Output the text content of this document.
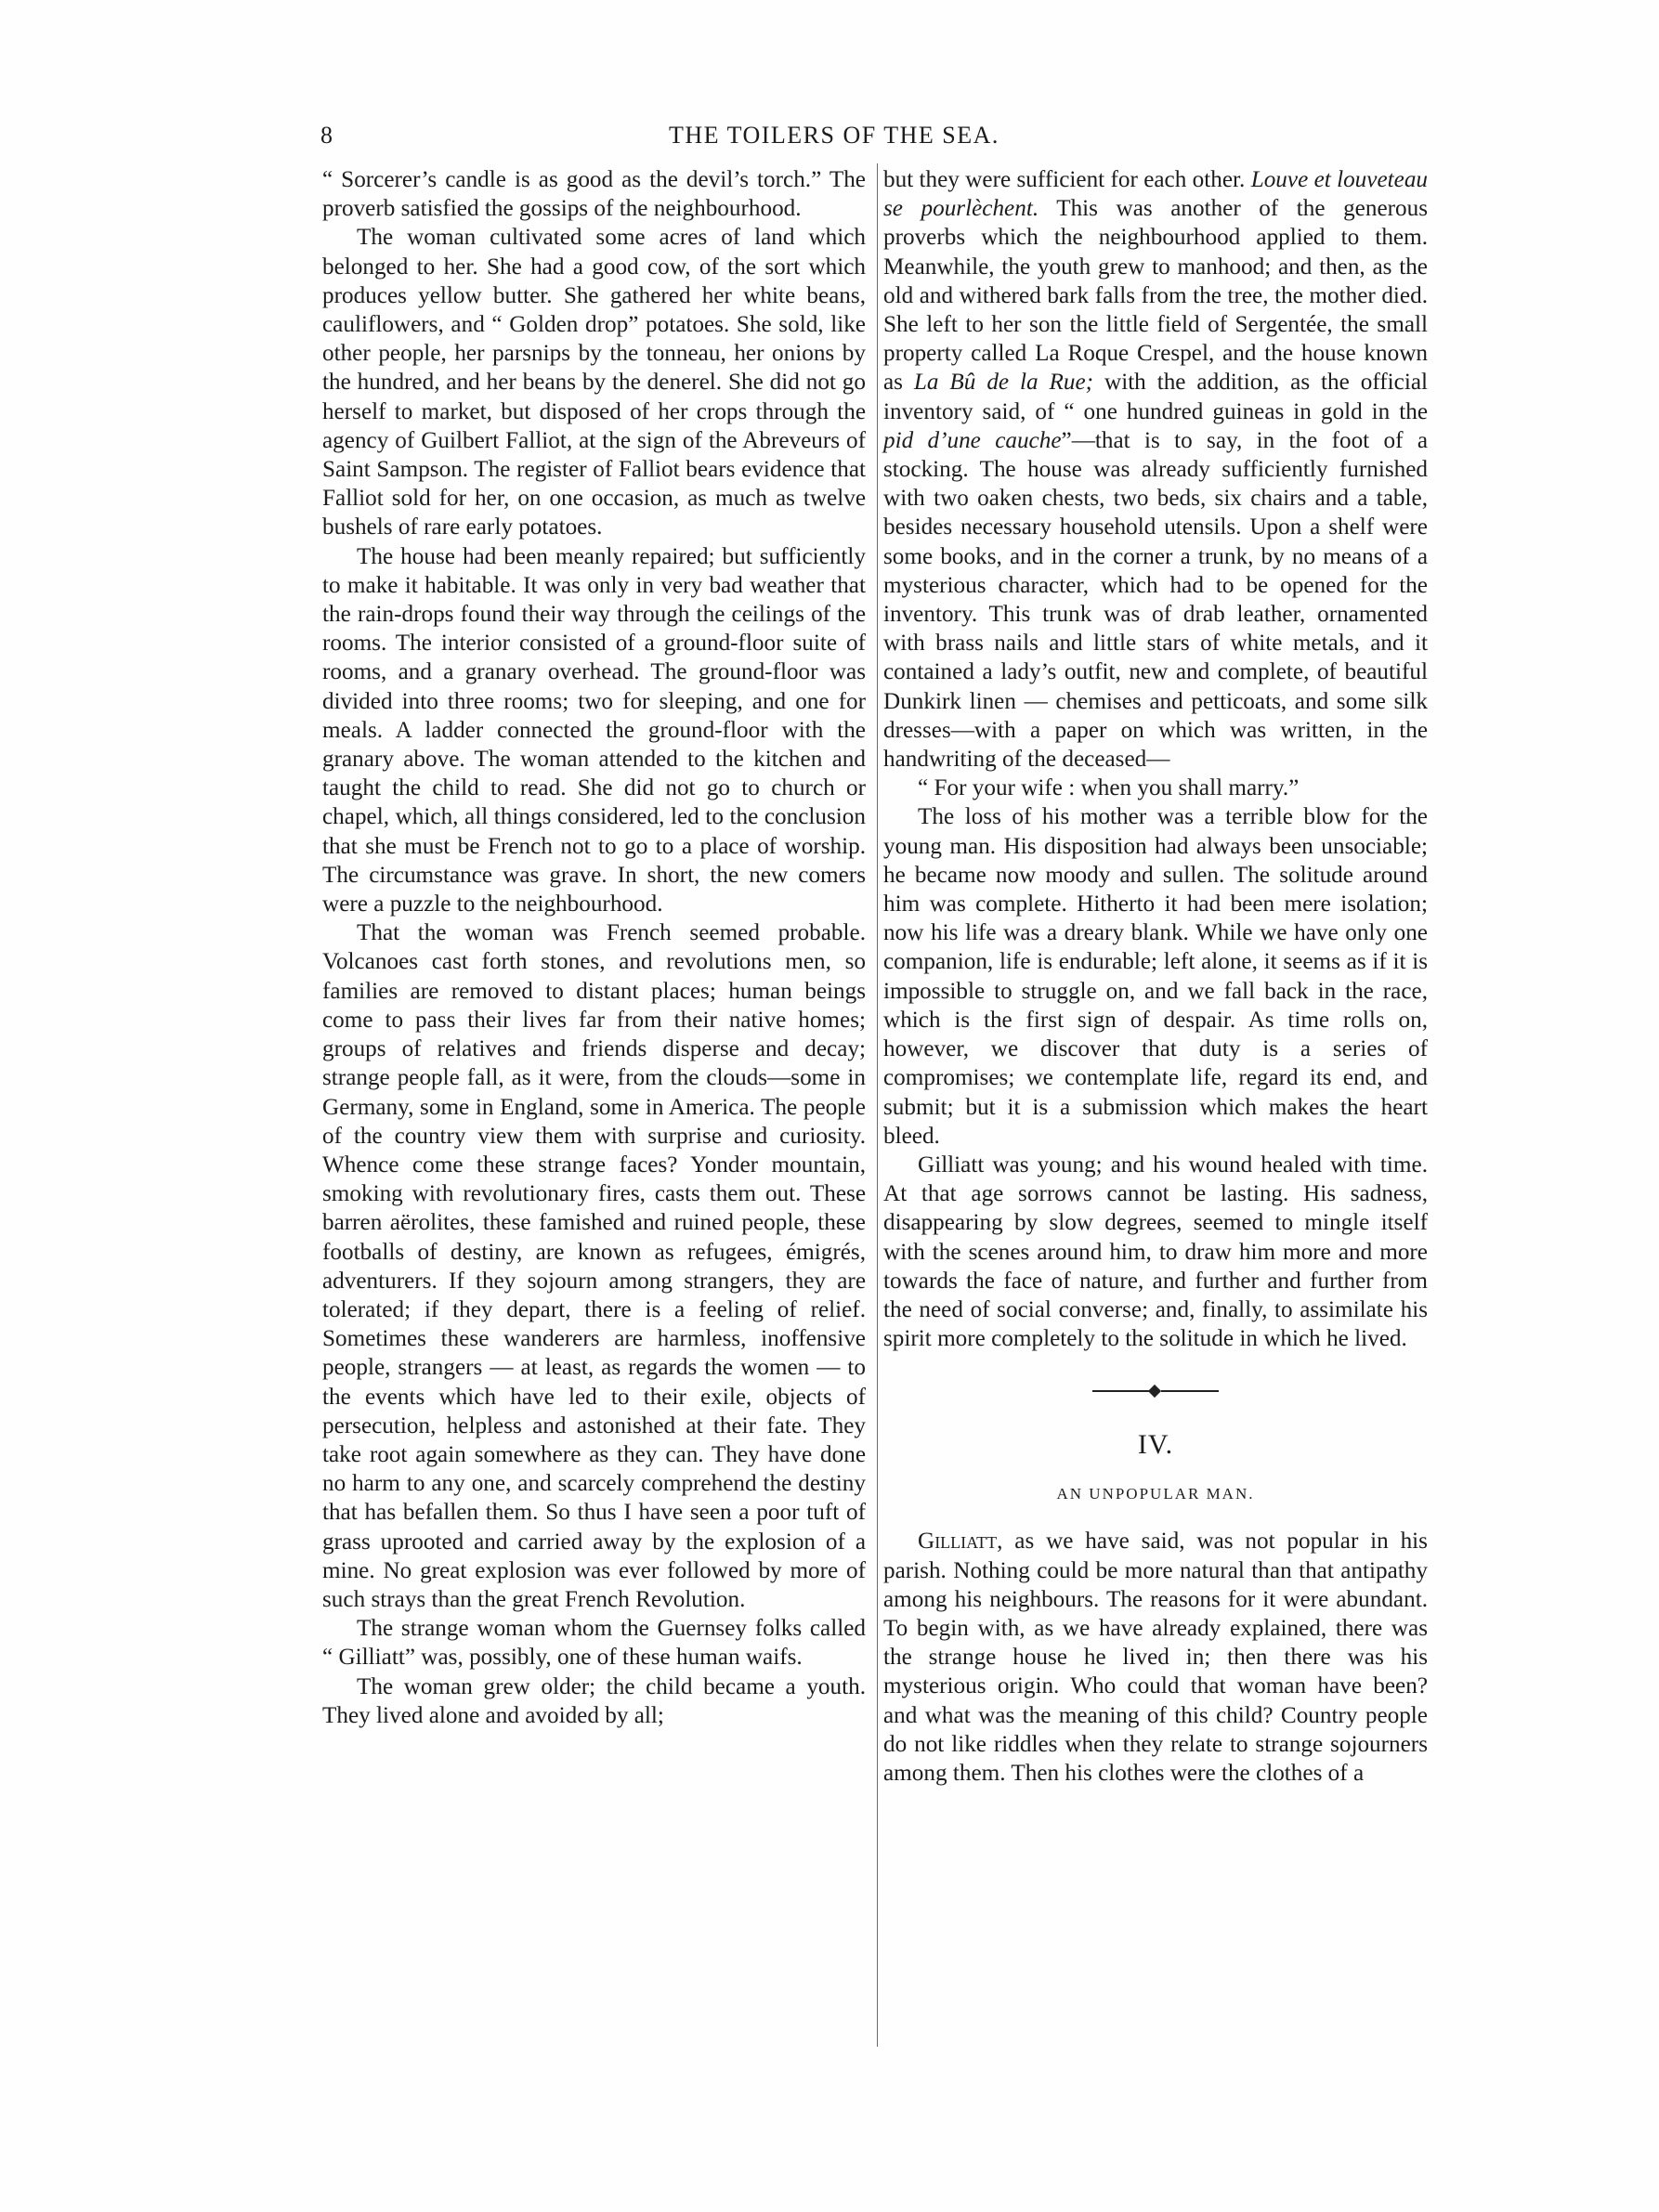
8	THE TOILERS OF THE SEA.

“ Sorcerer’s candle is as good as the devil’s torch.” The proverb satisfied the gossips of the neighbourhood.

The woman cultivated some acres of land which belonged to her. She had a good cow, of the sort which produces yellow butter. She gathered her white beans, cauliflowers, and “ Golden drop” potatoes. She sold, like other people, her parsnips by the tonneau, her onions by the hundred, and her beans by the denerel. She did not go herself to market, but disposed of her crops through the agency of Guilbert Falliot, at the sign of the Abreveurs of Saint Sampson. The register of Falliot bears evidence that Falliot sold for her, on one occasion, as much as twelve bushels of rare early potatoes.

The house had been meanly repaired; but sufficiently to make it habitable. It was only in very bad weather that the rain-drops found their way through the ceilings of the rooms. The interior consisted of a ground-floor suite of rooms, and a granary overhead. The ground-floor was divided into three rooms; two for sleeping, and one for meals. A ladder connected the ground-floor with the granary above. The woman attended to the kitchen and taught the child to read. She did not go to church or chapel, which, all things considered, led to the conclusion that she must be French not to go to a place of worship. The circumstance was grave. In short, the new comers were a puzzle to the neighbourhood.

That the woman was French seemed probable. Volcanoes cast forth stones, and revolutions men, so families are removed to distant places; human beings come to pass their lives far from their native homes; groups of relatives and friends disperse and decay; strange people fall, as it were, from the clouds—some in Germany, some in England, some in America. The people of the country view them with surprise and curiosity. Whence come these strange faces? Yonder mountain, smoking with revolutionary fires, casts them out. These barren aërolites, these famished and ruined people, these footballs of destiny, are known as refugees, émigrés, adventurers. If they sojourn among strangers, they are tolerated; if they depart, there is a feeling of relief. Sometimes these wanderers are harmless, inoffensive people, strangers — at least, as regards the women — to the events which have led to their exile, objects of persecution, helpless and astonished at their fate. They take root again somewhere as they can. They have done no harm to any one, and scarcely comprehend the destiny that has befallen them. So thus I have seen a poor tuft of grass uprooted and carried away by the explosion of a mine. No great explosion was ever followed by more of such strays than the great French Revolution.

The strange woman whom the Guernsey folks called “ Gilliatt” was, possibly, one of these human waifs.

The woman grew older; the child became a youth. They lived alone and avoided by all;

but they were sufficient for each other. Louve et louveteau se pourlèchent. This was another of the generous proverbs which the neighbourhood applied to them. Meanwhile, the youth grew to manhood; and then, as the old and withered bark falls from the tree, the mother died. She left to her son the little field of Sergentée, the small property called La Roque Crespel, and the house known as La Bû de la Rue; with the addition, as the official inventory said, of “ one hundred guineas in gold in the pid d’une cauche”—that is to say, in the foot of a stocking. The house was already sufficiently furnished with two oaken chests, two beds, six chairs and a table, besides necessary household utensils. Upon a shelf were some books, and in the corner a trunk, by no means of a mysterious character, which had to be opened for the inventory. This trunk was of drab leather, ornamented with brass nails and little stars of white metals, and it contained a lady’s outfit, new and complete, of beautiful Dunkirk linen — chemises and petticoats, and some silk dresses—with a paper on which was written, in the handwriting of the deceased—

“ For your wife : when you shall marry.”

The loss of his mother was a terrible blow for the young man. His disposition had always been unsociable; he became now moody and sullen. The solitude around him was complete. Hitherto it had been mere isolation; now his life was a dreary blank. While we have only one companion, life is endurable; left alone, it seems as if it is impossible to struggle on, and we fall back in the race, which is the first sign of despair. As time rolls on, however, we discover that duty is a series of compromises; we contemplate life, regard its end, and submit; but it is a submission which makes the heart bleed.

Gilliatt was young; and his wound healed with time. At that age sorrows cannot be lasting. His sadness, disappearing by slow degrees, seemed to mingle itself with the scenes around him, to draw him more and more towards the face of nature, and further and further from the need of social converse; and, finally, to assimilate his spirit more completely to the solitude in which he lived.

IV.
AN UNPOPULAR MAN.

Gilliatt, as we have said, was not popular in his parish. Nothing could be more natural than that antipathy among his neighbours. The reasons for it were abundant. To begin with, as we have already explained, there was the strange house he lived in; then there was his mysterious origin. Who could that woman have been? and what was the meaning of this child? Country people do not like riddles when they relate to strange sojourners among them. Then his clothes were the clothes of a
